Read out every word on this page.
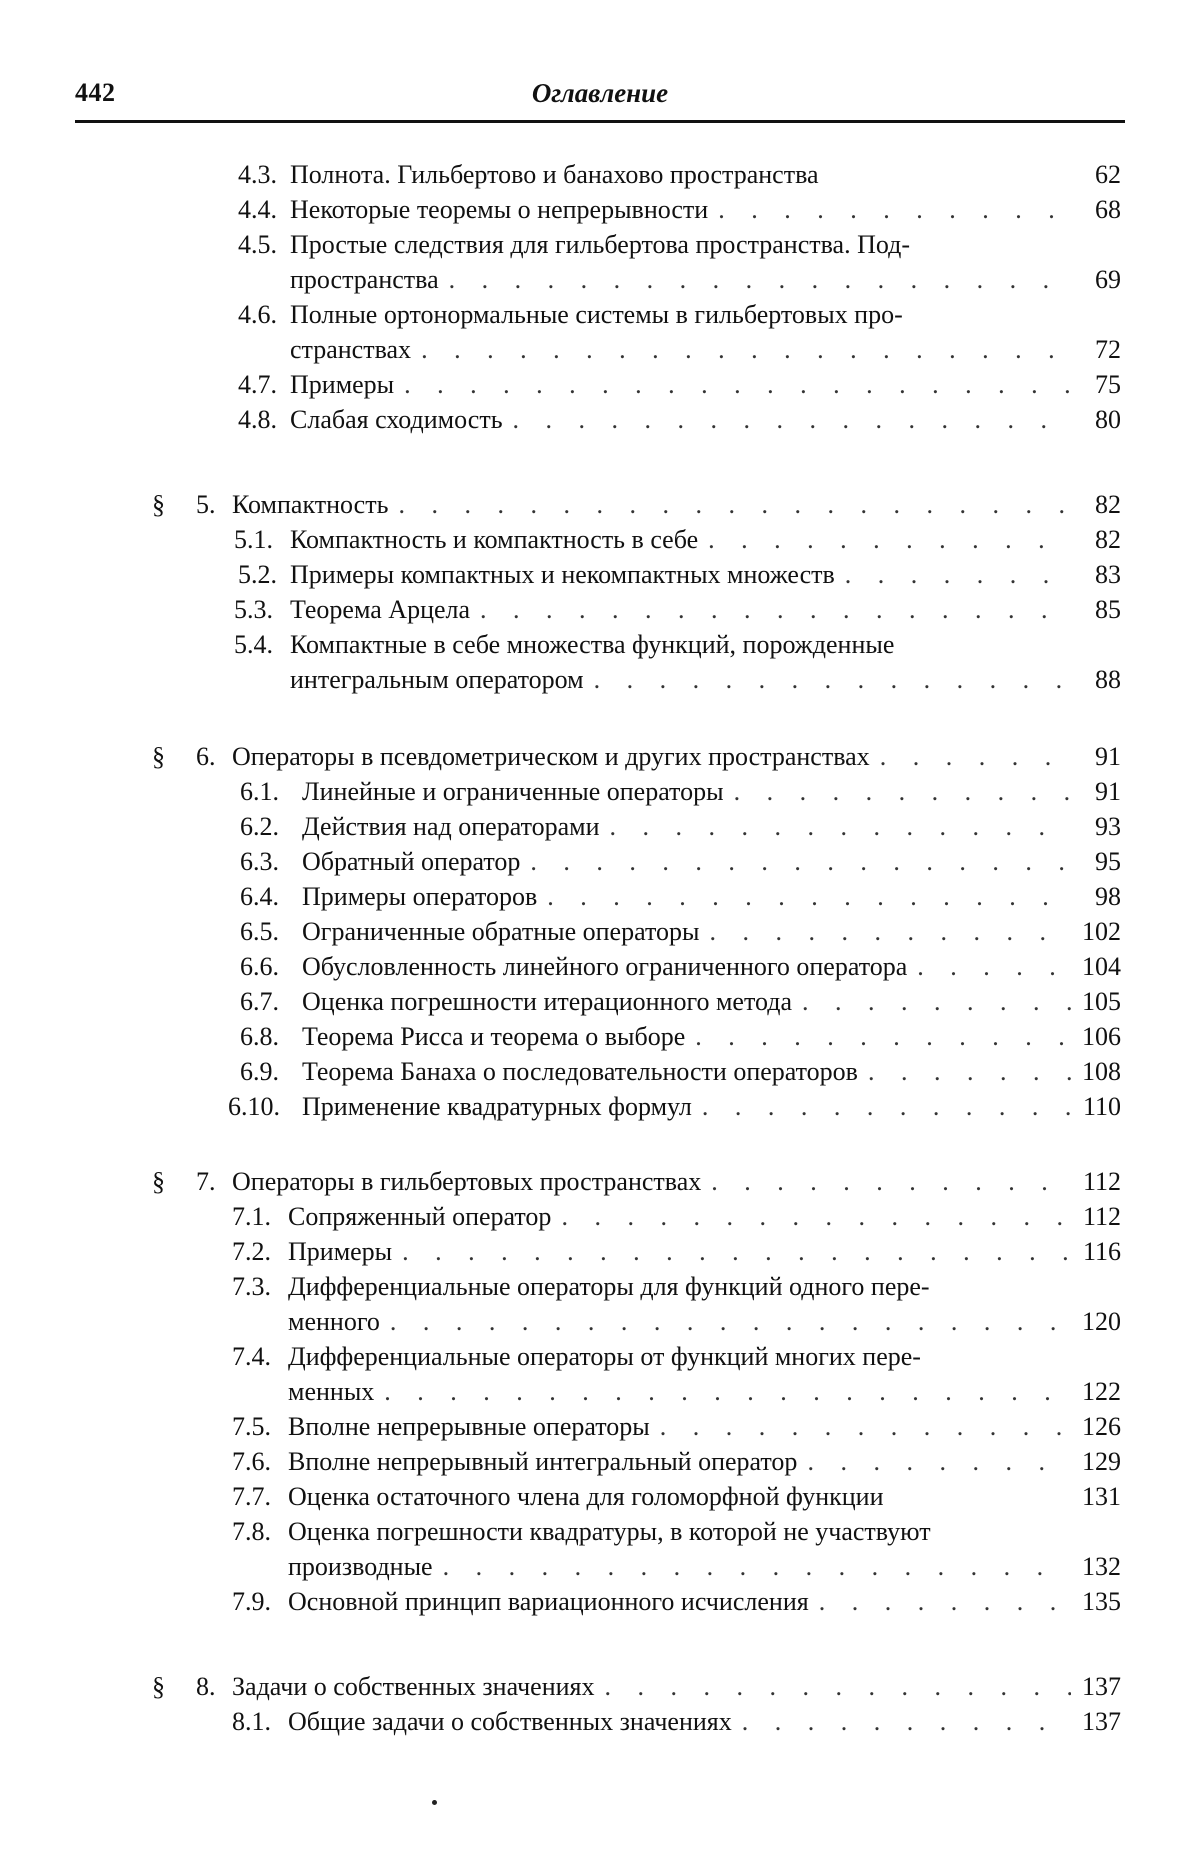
442	Оглавление
4.3. Полнота. Гильбертово и банахово пространства	62
4.4. Некоторые теоремы о непрерывности . . .	68
4.5. Простые следствия для гильбертова пространства. Под-
пространства . . .	69
4.6. Полные ортонормальные системы в гильбертовых про-
странствах . . .	72
4.7. Примеры . . .	75
4.8. Слабая сходимость . . .	80
§	5. Компактность . . .	82
5.1. Компактность и компактность в себе . . .	82
5.2. Примеры компактных и некомпактных множеств . . .	83
5.3. Теорема Арцела . . .	85
5.4. Компактные в себе множества функций, порожденные
интегральным оператором . . .	88
§	6. Операторы в псевдометрическом и других пространствах . . .	91
6.1. Линейные и ограниченные операторы . . .	91
6.2. Действия над операторами . . .	93
6.3. Обратный оператор . . .	95
6.4. Примеры операторов . . .	98
6.5. Ограниченные обратные операторы . . .	102
6.6. Обусловленность линейного ограниченного оператора . . .	104
6.7. Оценка погрешности итерационного метода . . .	105
6.8. Теорема Рисса и теорема о выборе . . .	106
6.9. Теорема Банаха о последовательности операторов . . .	108
6.10. Применение квадратурных формул . . .	110
§	7. Операторы в гильбертовых пространствах . . .	112
7.1. Сопряженный оператор . . .	112
7.2. Примеры . . .	116
7.3. Дифференциальные операторы для функций одного пере-
менного . . .	120
7.4. Дифференциальные операторы от функций многих пере-
менных . . .	122
7.5. Вполне непрерывные операторы . . .	126
7.6. Вполне непрерывный интегральный оператор . . .	129
7.7. Оценка остаточного члена для голоморфной функции	131
7.8. Оценка погрешности квадратуры, в которой не участвуют
производные . . .	132
7.9. Основной принцип вариационного исчисления . . .	135
§	8. Задачи о собственных значениях . . .	137
8.1. Общие задачи о собственных значениях . . .	137
